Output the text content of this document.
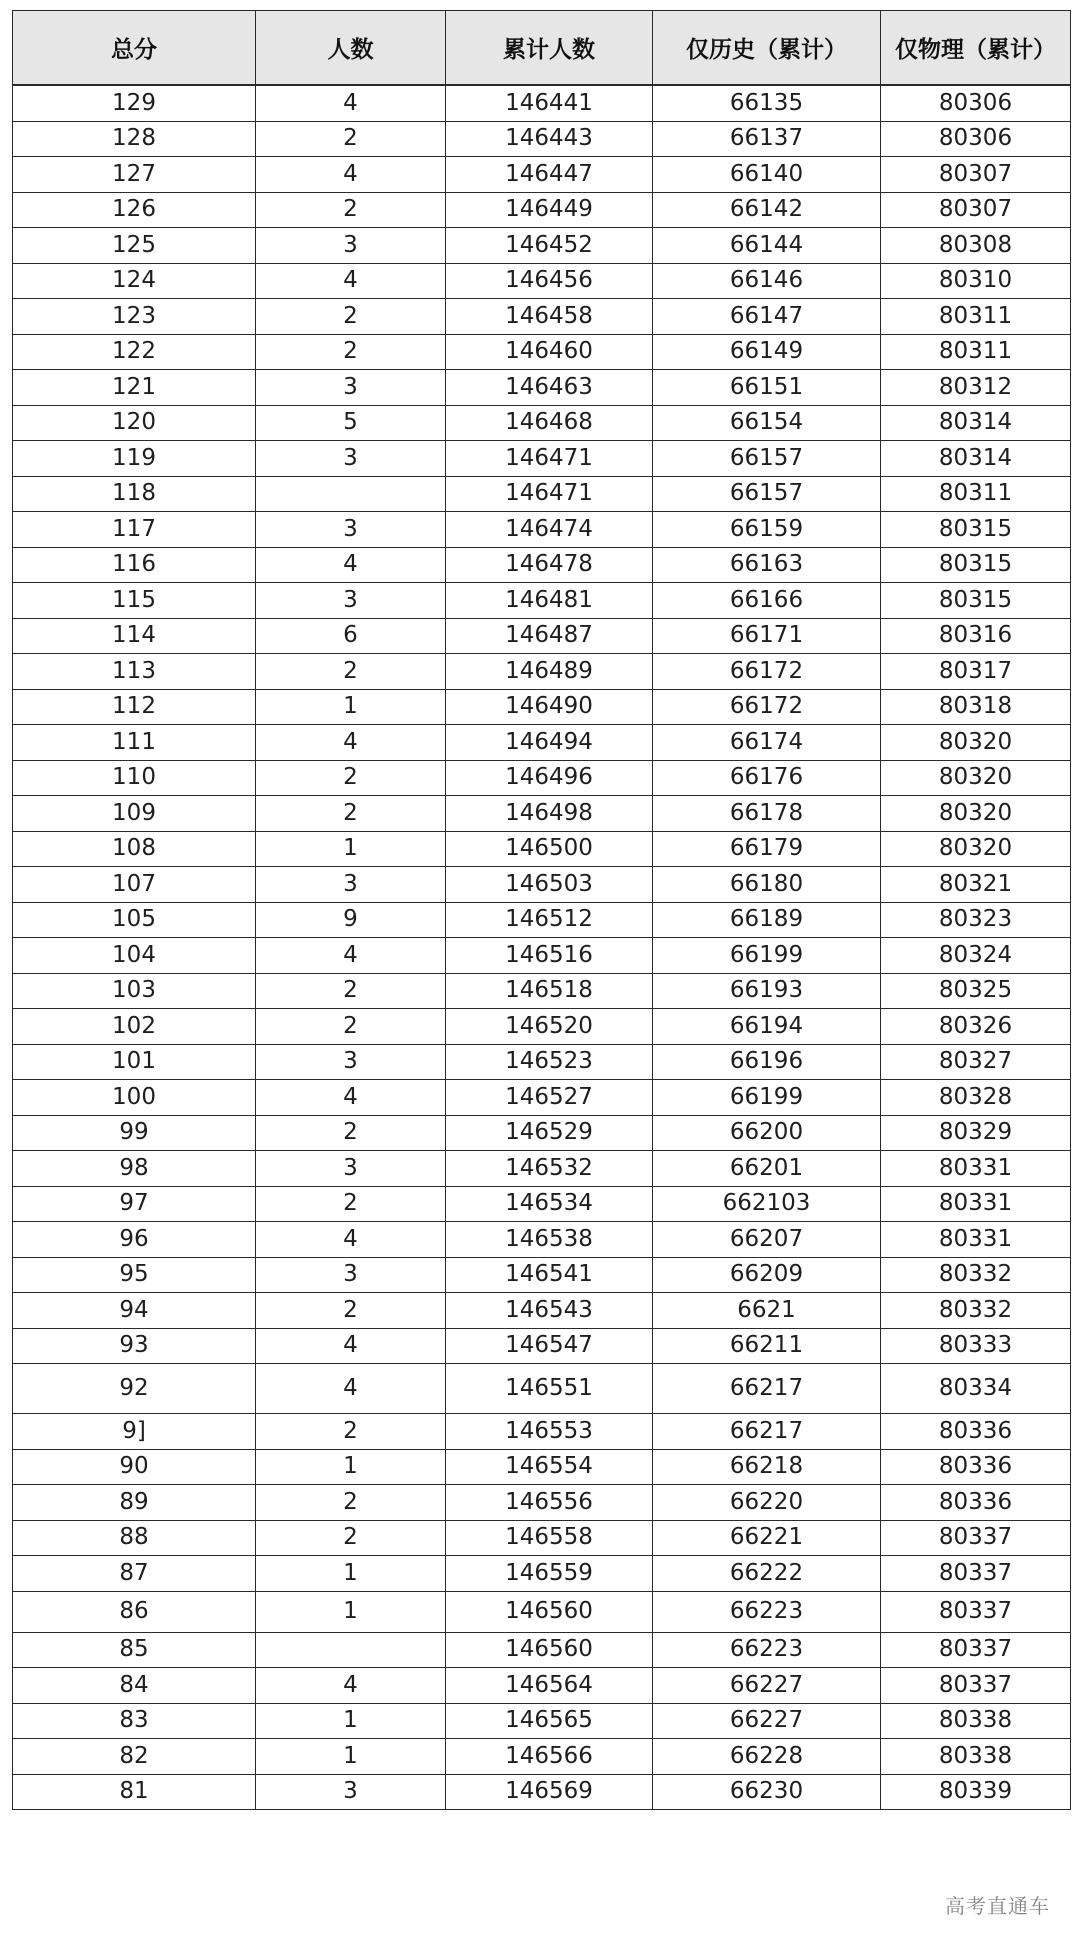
总分	人数	累计人数	仅历史（累计）	仅物理（累计）
129	4	146441	66135	80306
128	2	146443	66137	80306
127	4	146447	66140	80307
126	2	146449	66142	80307
125	3	146452	66144	80308
124	4	146456	66146	80310
123	2	146458	66147	80311
122	2	146460	66149	80311
121	3	146463	66151	80312
120	5	146468	66154	80314
119	3	146471	66157	80314
118		146471	66157	80311
117	3	146474	66159	80315
116	4	146478	66163	80315
115	3	146481	66166	80315
114	6	146487	66171	80316
113	2	146489	66172	80317
112	1	146490	66172	80318
111	4	146494	66174	80320
110	2	146496	66176	80320
109	2	146498	66178	80320
108	1	146500	66179	80320
107	3	146503	66180	80321
105	9	146512	66189	80323
104	4	146516	66199	80324
103	2	146518	66193	80325
102	2	146520	66194	80326
101	3	146523	66196	80327
100	4	146527	66199	80328
99	2	146529	66200	80329
98	3	146532	66201	80331
97	2	146534	662103	80331
96	4	146538	66207	80331
95	3	146541	66209	80332
94	2	146543	6621	80332
93	4	146547	66211	80333
92	4	146551	66217	80334
9]	2	146553	66217	80336
90	1	146554	66218	80336
89	2	146556	66220	80336
88	2	146558	66221	80337
87	1	146559	66222	80337
86	1	146560	66223	80337
85		146560	66223	80337
84	4	146564	66227	80337
83	1	146565	66227	80338
82	1	146566	66228	80338
81	3	146569	66230	80339
高考直通车
